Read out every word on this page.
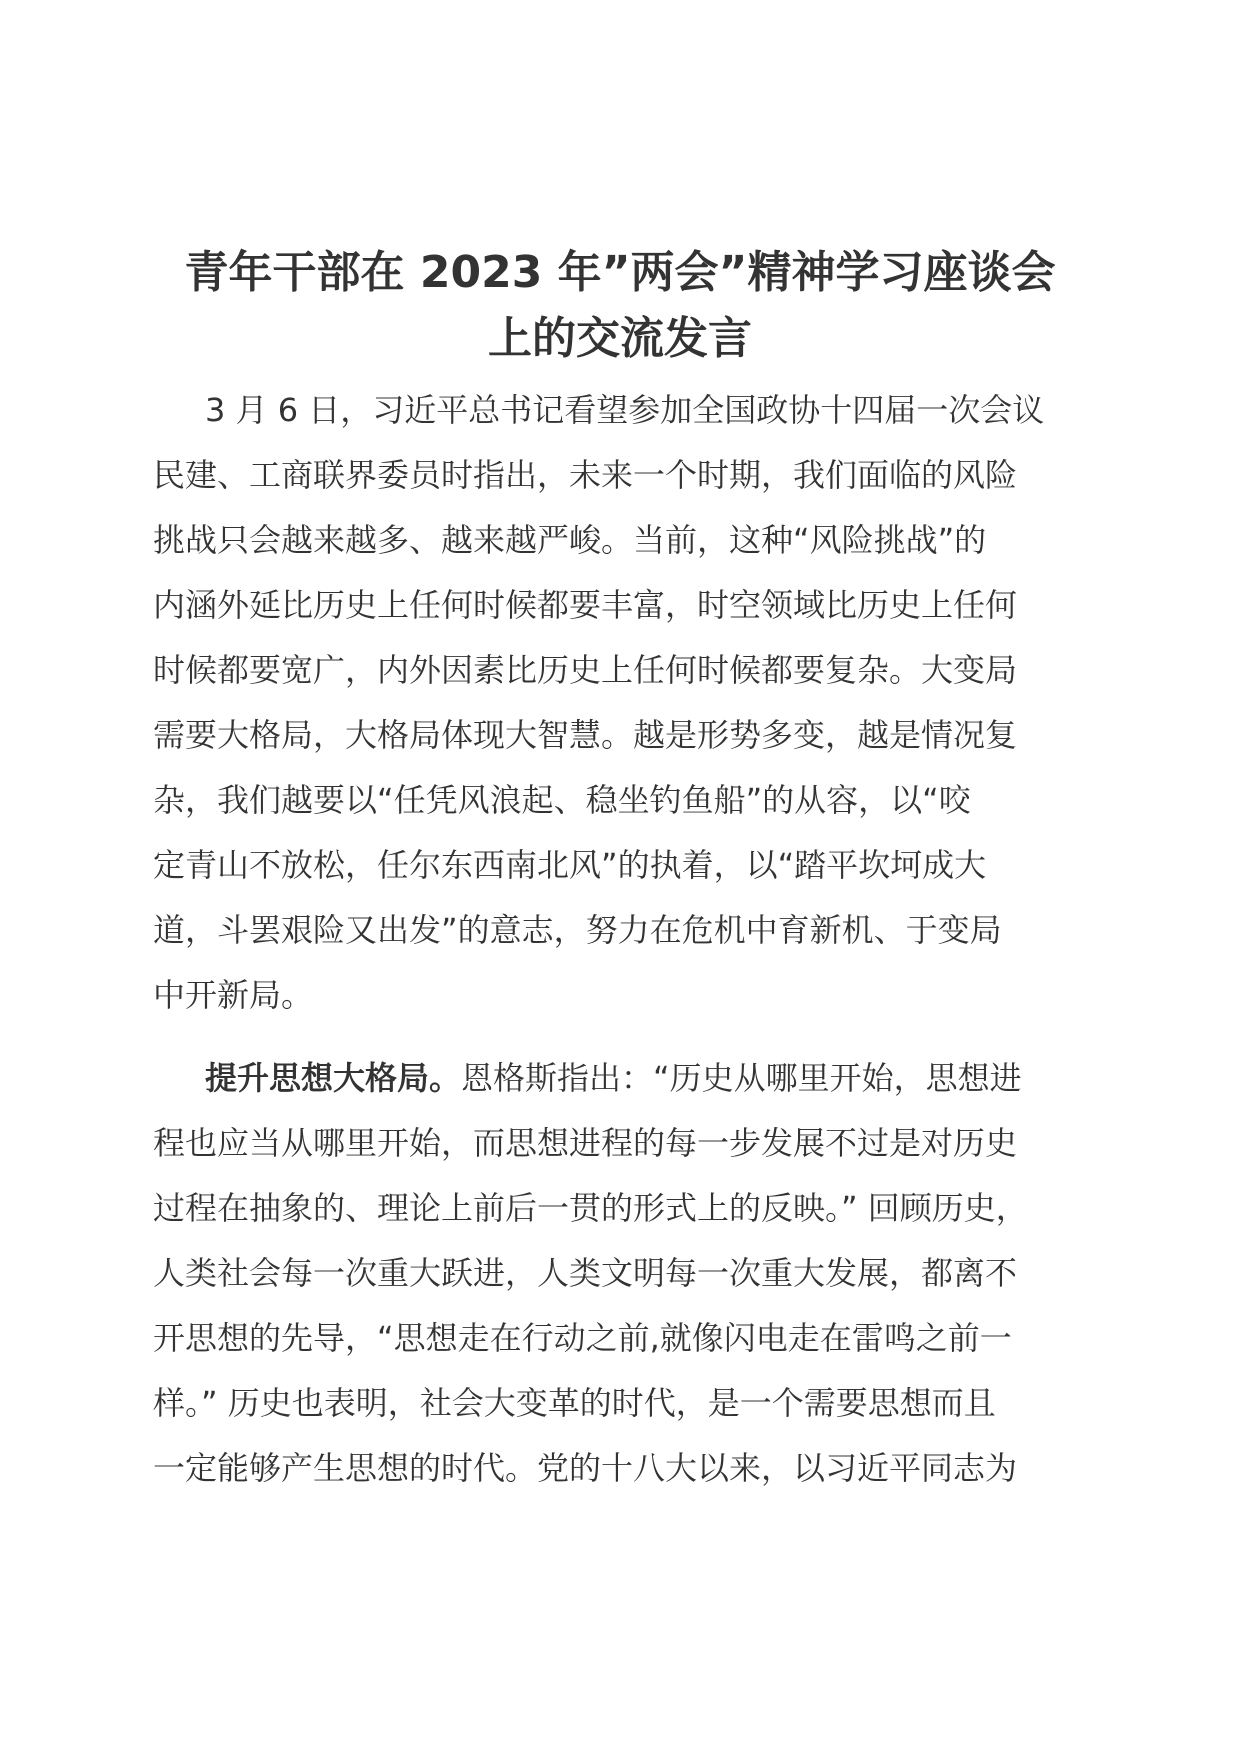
青年干部在 2023 年”两会”精神学习座谈会
上的交流发言
3 月 6 日，习近平总书记看望参加全国政协十四届一次会议
民建、工商联界委员时指出，未来一个时期，我们面临的风险
挑战只会越来越多、越来越严峻。当前，这种“风险挑战”的
内涵外延比历史上任何时候都要丰富，时空领域比历史上任何
时候都要宽广，内外因素比历史上任何时候都要复杂。大变局
需要大格局，大格局体现大智慧。越是形势多变，越是情况复
杂，我们越要以“任凭风浪起、稳坐钓鱼船”的从容，以“咬
定青山不放松，任尔东西南北风”的执着，以“踏平坎坷成大
道，斗罢艰险又出发”的意志，努力在危机中育新机、于变局
中开新局。
提升思想大格局。恩格斯指出：“历史从哪里开始，思想进
程也应当从哪里开始，而思想进程的每一步发展不过是对历史
过程在抽象的、理论上前后一贯的形式上的反映。” 回顾历史，
人类社会每一次重大跃进，人类文明每一次重大发展，都离不
开思想的先导，“思想走在行动之前,就像闪电走在雷鸣之前一
样。” 历史也表明，社会大变革的时代，是一个需要思想而且
一定能够产生思想的时代。党的十八大以来，以习近平同志为
